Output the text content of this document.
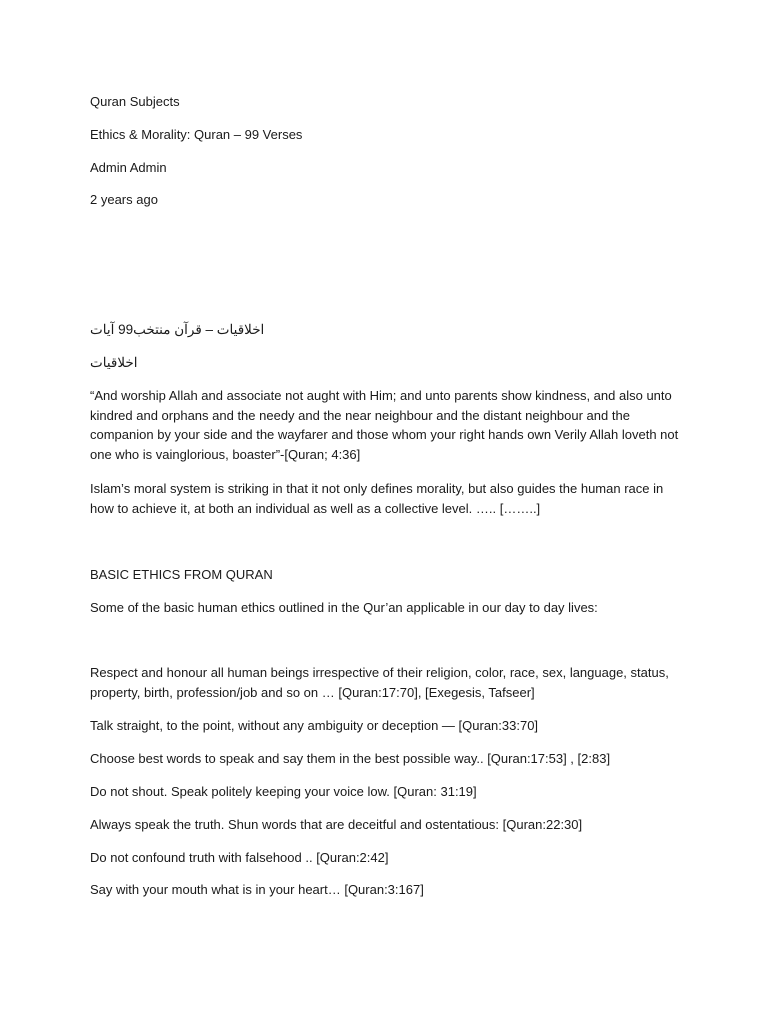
Quran Subjects

Ethics & Morality: Quran – 99 Verses

Admin Admin

2 years ago

اخلاقیات – قرآن منتخب99 آیات

اخلاقیات

“And worship Allah and associate not aught with Him; and unto parents show kindness, and also unto kindred and orphans and the needy and the near neighbour and the distant neighbour and the companion by your side and the wayfarer and those whom your right hands own Verily Allah loveth not one who is vainglorious, boaster”-[Quran; 4:36]

Islam’s moral system is striking in that it not only defines morality, but also guides the human race in how to achieve it, at both an individual as well as a collective level. ….. [……..]

BASIC ETHICS FROM QURAN

Some of the basic human ethics outlined in the Qur’an applicable in our day to day lives:

Respect and honour all human beings irrespective of their religion, color, race, sex, language, status, property, birth, profession/job and so on … [Quran:17:70], [Exegesis, Tafseer]

Talk straight, to the point, without any ambiguity or deception — [Quran:33:70]

Choose best words to speak and say them in the best possible way.. [Quran:17:53] , [2:83]

Do not shout. Speak politely keeping your voice low. [Quran: 31:19]

Always speak the truth. Shun words that are deceitful and ostentatious: [Quran:22:30]

Do not confound truth with falsehood .. [Quran:2:42]

Say with your mouth what is in your heart… [Quran:3:167]
